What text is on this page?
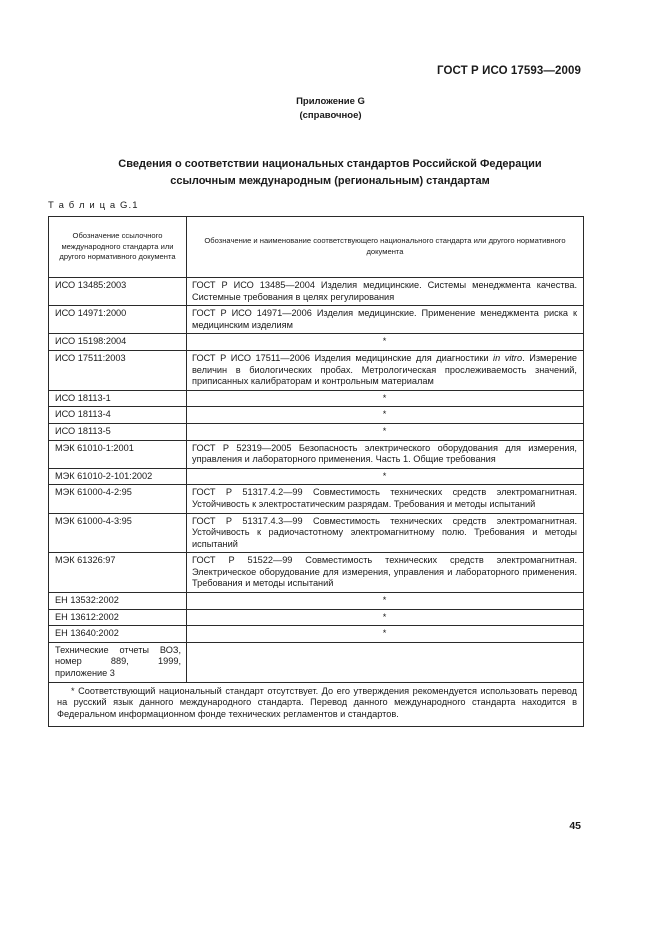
ГОСТ Р ИСО 17593—2009
Приложение G
(справочное)
Сведения о соответствии национальных стандартов Российской Федерации
ссылочным международным (региональным) стандартам
Т а б л и ц а G.1
Обозначение ссылочного международного стандарта или другого нормативного документа	Обозначение и наименование соответствующего национального стандарта или другого нормативного документа
ИСО 13485:2003	ГОСТ Р ИСО 13485—2004 Изделия медицинские. Системы менеджмента качества. Системные требования в целях регулирования
ИСО 14971:2000	ГОСТ Р ИСО 14971—2006 Изделия медицинские. Применение менеджмента риска к медицинским изделиям
ИСО 15198:2004	*
ИСО 17511:2003	ГОСТ Р ИСО 17511—2006 Изделия медицинские для диагностики in vitro. Измерение величин в биологических пробах. Метрологическая прослеживаемость значений, приписанных калибраторам и контрольным материалам
ИСО 18113-1	*
ИСО 18113-4	*
ИСО 18113-5	*
МЭК 61010-1:2001	ГОСТ Р 52319—2005 Безопасность электрического оборудования для измерения, управления и лабораторного применения. Часть 1. Общие требования
МЭК 61010-2-101:2002	*
МЭК 61000-4-2:95	ГОСТ Р 51317.4.2—99 Совместимость технических средств электромагнитная. Устойчивость к электростатическим разрядам. Требования и методы испытаний
МЭК 61000-4-3:95	ГОСТ Р 51317.4.3—99 Совместимость технических средств электромагнитная. Устойчивость к радиочастотному электромагнитному полю. Требования и методы испытаний
МЭК 61326:97	ГОСТ Р 51522—99 Совместимость технических средств электромагнитная. Электрическое оборудование для измерения, управления и лабораторного применения. Требования и методы испытаний
ЕН 13532:2002	*
ЕН 13612:2002	*
ЕН 13640:2002	*
Технические отчеты ВОЗ, номер 889, 1999, приложение 3	

* Соответствующий национальный стандарт отсутствует. До его утверждения рекомендуется использовать перевод на русский язык данного международного стандарта. Перевод данного международного стандарта находится в Федеральном информационном фонде технических регламентов и стандартов.	
45
